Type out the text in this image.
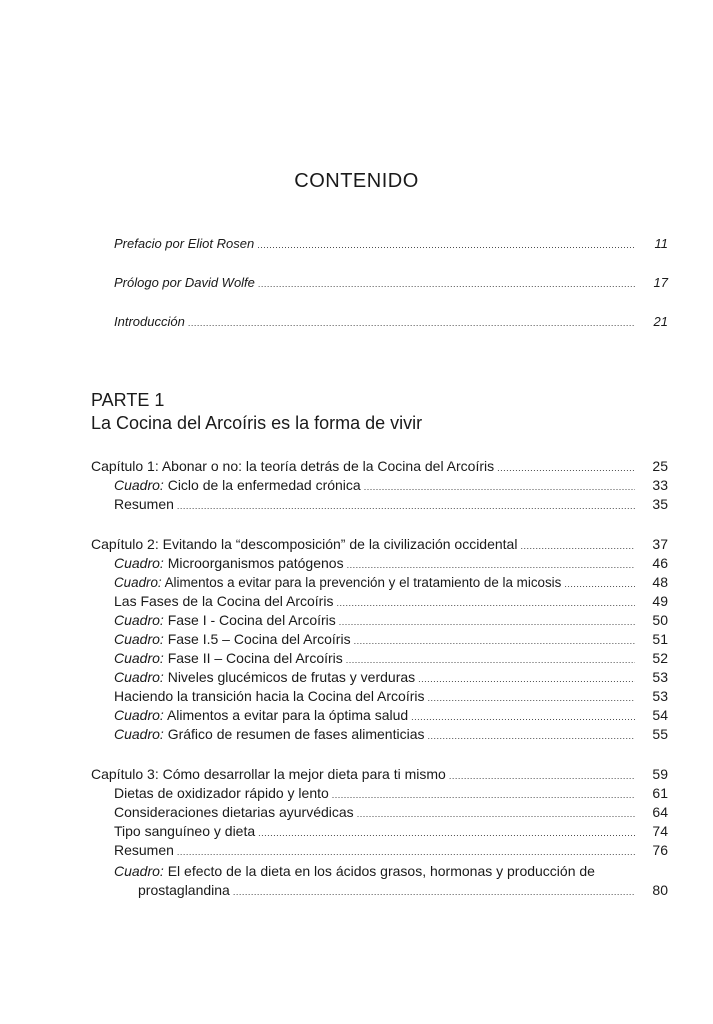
CONTENIDO
Prefacio por Eliot Rosen .....	11
Prólogo por David Wolfe .....	17
Introducción .....	21
PARTE 1
La Cocina del Arcoíris es la forma de vivir
Capítulo 1: Abonar o no: la teoría detrás de la Cocina del Arcoíris .....	25
Cuadro: Ciclo de la enfermedad crónica .....	33
Resumen .....	35
Capítulo 2: Evitando la “descomposición” de la civilización occidental .....	37
Cuadro: Microorganismos patógenos .....	46
Cuadro: Alimentos a evitar para la prevención y el tratamiento de la micosis .....	48
Las Fases de la Cocina del Arcoíris .....	49
Cuadro: Fase I - Cocina del Arcoíris .....	50
Cuadro: Fase I.5 – Cocina del Arcoíris .....	51
Cuadro: Fase II – Cocina del Arcoíris .....	52
Cuadro: Niveles glucémicos de frutas y verduras .....	53
Haciendo la transición hacia la Cocina del Arcoíris .....	53
Cuadro: Alimentos a evitar para la óptima salud .....	54
Cuadro: Gráfico de resumen de fases alimenticias .....	55
Capítulo 3: Cómo desarrollar la mejor dieta para ti mismo .....	59
Dietas de oxidizador rápido y lento .....	61
Consideraciones dietarias ayurvédicas .....	64
Tipo sanguíneo y dieta .....	74
Resumen .....	76
Cuadro: El efecto de la dieta en los ácidos grasos, hormonas y producción de
prostaglandina .....	80
